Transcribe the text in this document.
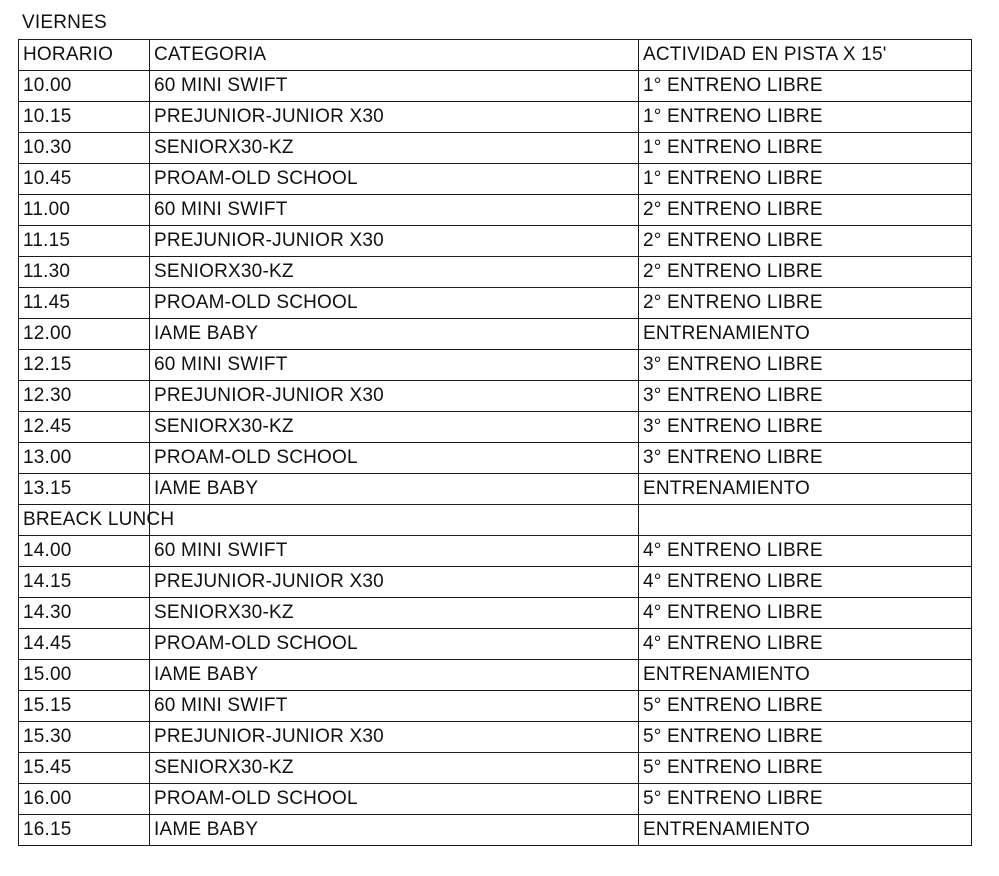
VIERNES
HORARIO	CATEGORIA	ACTIVIDAD EN PISTA X 15'
10.00	60 MINI SWIFT	1° ENTRENO LIBRE
10.15	PREJUNIOR-JUNIOR X30	1° ENTRENO LIBRE
10.30	SENIORX30-KZ	1° ENTRENO LIBRE
10.45	PROAM-OLD SCHOOL	1° ENTRENO LIBRE
11.00	60 MINI SWIFT	2° ENTRENO LIBRE
11.15	PREJUNIOR-JUNIOR X30	2° ENTRENO LIBRE
11.30	SENIORX30-KZ	2° ENTRENO LIBRE
11.45	PROAM-OLD SCHOOL	2° ENTRENO LIBRE
12.00	IAME BABY	ENTRENAMIENTO
12.15	60 MINI SWIFT	3° ENTRENO LIBRE
12.30	PREJUNIOR-JUNIOR X30	3° ENTRENO LIBRE
12.45	SENIORX30-KZ	3° ENTRENO LIBRE
13.00	PROAM-OLD SCHOOL	3° ENTRENO LIBRE
13.15	IAME BABY	ENTRENAMIENTO
BREACK LUNCH		
14.00	60 MINI SWIFT	4° ENTRENO LIBRE
14.15	PREJUNIOR-JUNIOR X30	4° ENTRENO LIBRE
14.30	SENIORX30-KZ	4° ENTRENO LIBRE
14.45	PROAM-OLD SCHOOL	4° ENTRENO LIBRE
15.00	IAME BABY	ENTRENAMIENTO
15.15	60 MINI SWIFT	5° ENTRENO LIBRE
15.30	PREJUNIOR-JUNIOR X30	5° ENTRENO LIBRE
15.45	SENIORX30-KZ	5° ENTRENO LIBRE
16.00	PROAM-OLD SCHOOL	5° ENTRENO LIBRE
16.15	IAME BABY	ENTRENAMIENTO
